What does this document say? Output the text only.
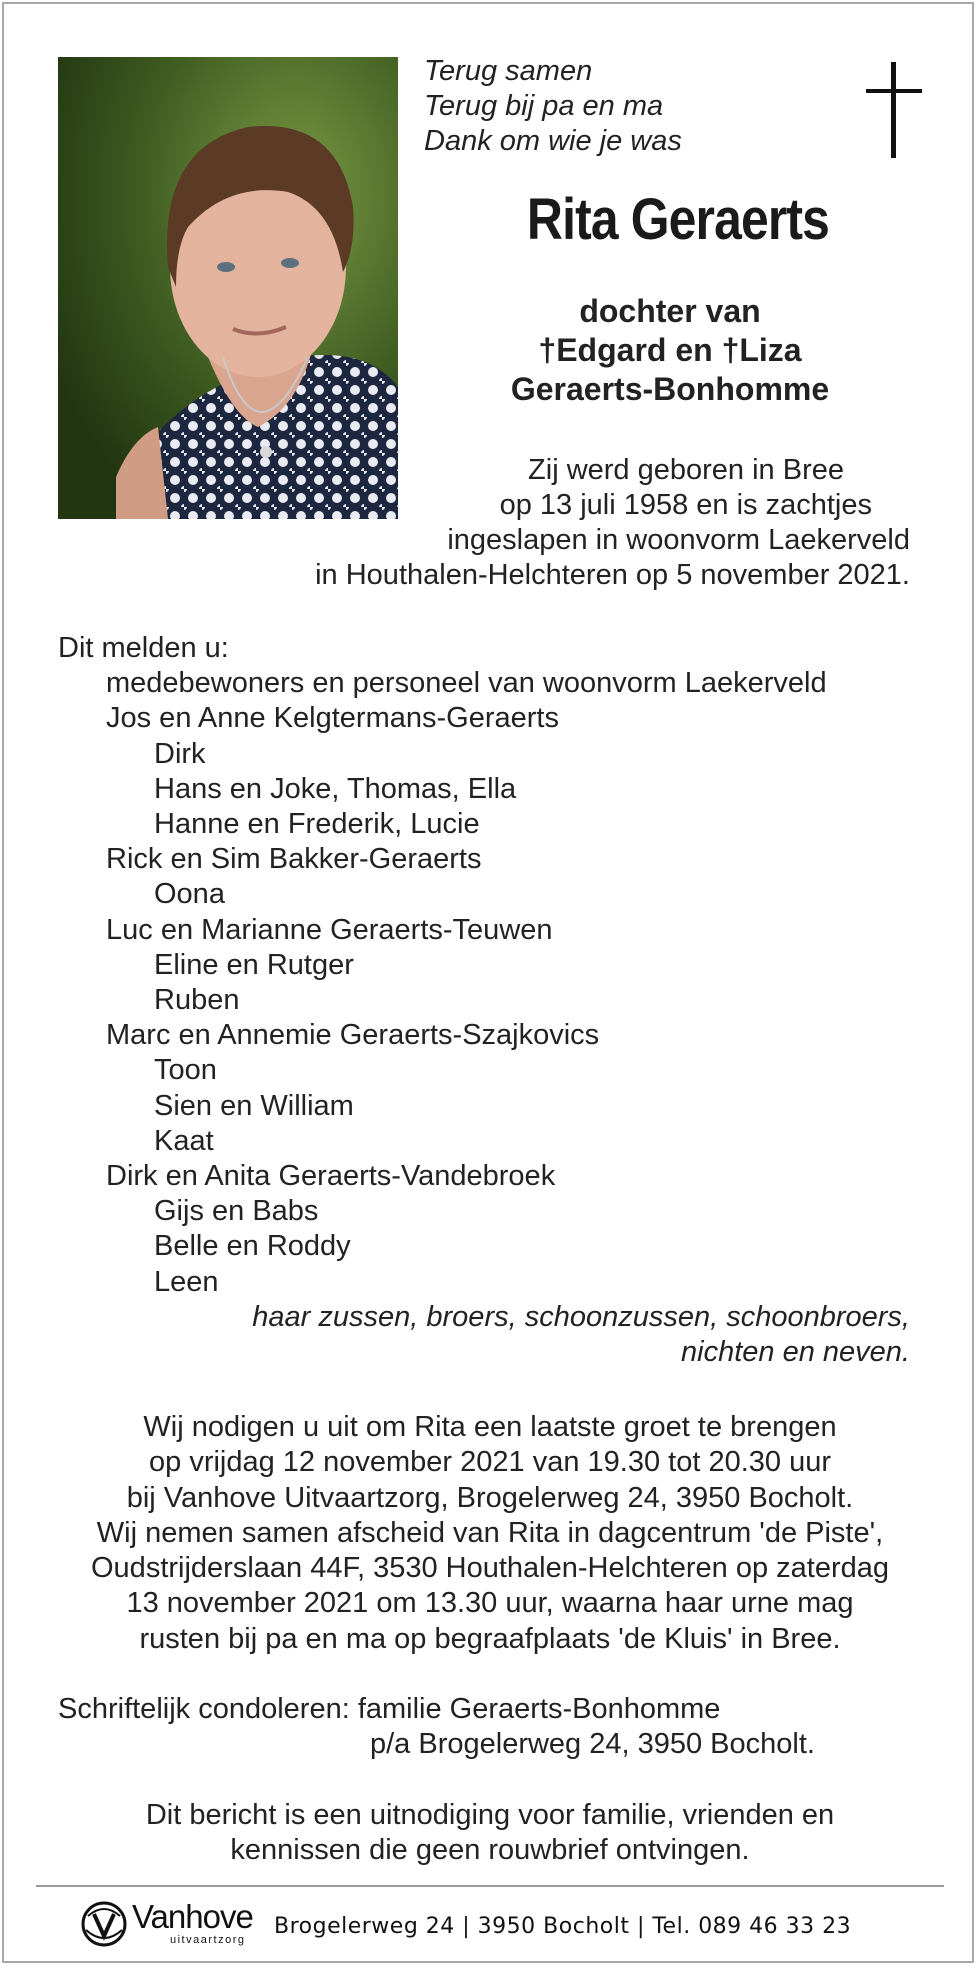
Terug samen
Terug bij pa en ma
Dank om wie je was
Rita Geraerts
dochter van
†Edgard en †Liza
Geraerts-Bonhomme
Zij werd geboren in Bree
op 13 juli 1958 en is zachtjes
ingeslapen in woonvorm Laekerveld
in Houthalen-Helchteren op 5 november 2021.
Dit melden u:
medebewoners en personeel van woonvorm Laekerveld
Jos en Anne Kelgtermans-Geraerts
Dirk
Hans en Joke, Thomas, Ella
Hanne en Frederik, Lucie
Rick en Sim Bakker-Geraerts
Oona
Luc en Marianne Geraerts-Teuwen
Eline en Rutger
Ruben
Marc en Annemie Geraerts-Szajkovics
Toon
Sien en William
Kaat
Dirk en Anita Geraerts-Vandebroek
Gijs en Babs
Belle en Roddy
Leen
haar zussen, broers, schoonzussen, schoonbroers,
nichten en neven.
Wij nodigen u uit om Rita een laatste groet te brengen
op vrijdag 12 november 2021 van 19.30 tot 20.30 uur
bij Vanhove Uitvaartzorg, Brogelerweg 24, 3950 Bocholt.
Wij nemen samen afscheid van Rita in dagcentrum 'de Piste',
Oudstrijderslaan 44F, 3530 Houthalen-Helchteren op zaterdag
13 november 2021 om 13.30 uur, waarna haar urne mag
rusten bij pa en ma op begraafplaats 'de Kluis' in Bree.
Schriftelijk condoleren: familie Geraerts-Bonhomme
p/a Brogelerweg 24, 3950 Bocholt.
Dit bericht is een uitnodiging voor familie, vrienden en
kennissen die geen rouwbrief ontvingen.
Vanhove
uitvaartzorg
Brogelerweg 24 | 3950 Bocholt | Tel. 089 46 33 23
